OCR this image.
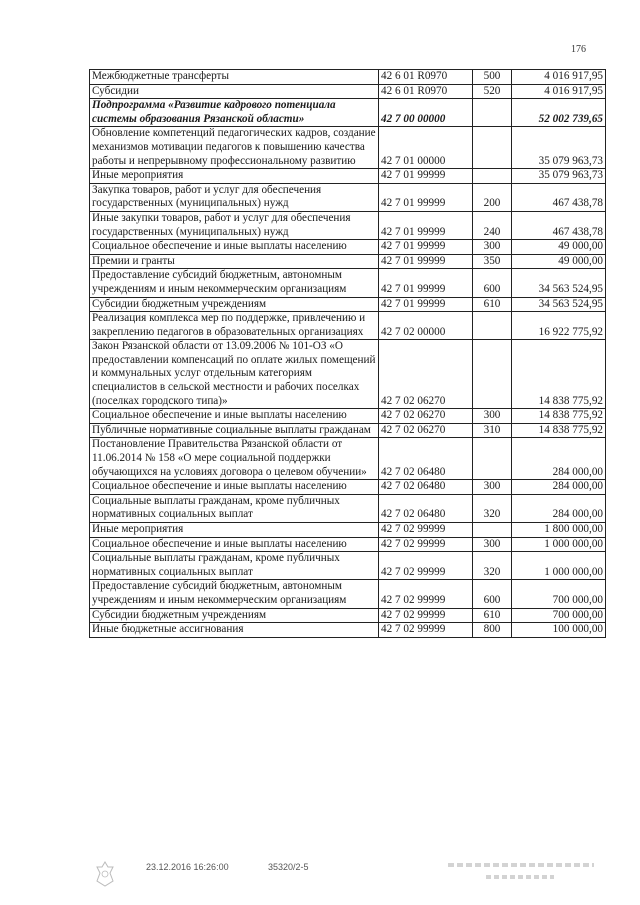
176
Межбюджетные трансферты	42 6 01 R0970	500	4 016 917,95
Субсидии	42 6 01 R0970	520	4 016 917,95
Подпрограмма «Развитие кадрового потенциала системы образования Рязанской области»	42 7 00 00000		52 002 739,65
Обновление компетенций педагогических кадров, создание механизмов мотивации педагогов к повышению качества работы и непрерывному профессиональному развитию	42 7 01 00000		35 079 963,73
Иные мероприятия	42 7 01 99999		35 079 963,73
Закупка товаров, работ и услуг для обеспечения государственных (муниципальных) нужд	42 7 01 99999	200	467 438,78
Иные закупки товаров, работ и услуг для обеспечения государственных (муниципальных) нужд	42 7 01 99999	240	467 438,78
Социальное обеспечение и иные выплаты населению	42 7 01 99999	300	49 000,00
Премии и гранты	42 7 01 99999	350	49 000,00
Предоставление субсидий бюджетным, автономным учреждениям и иным некоммерческим организациям	42 7 01 99999	600	34 563 524,95
Субсидии бюджетным учреждениям	42 7 01 99999	610	34 563 524,95
Реализация комплекса мер по поддержке, привлечению и закреплению педагогов в образовательных организациях	42 7 02 00000		16 922 775,92
Закон Рязанской области от 13.09.2006 № 101-ОЗ «О предоставлении компенсаций по оплате жилых помещений и коммунальных услуг отдельным категориям специалистов в сельской местности и рабочих поселках (поселках городского типа)»	42 7 02 06270		14 838 775,92
Социальное обеспечение и иные выплаты населению	42 7 02 06270	300	14 838 775,92
Публичные нормативные социальные выплаты гражданам	42 7 02 06270	310	14 838 775,92
Постановление Правительства Рязанской области от 11.06.2014 № 158 «О мере социальной поддержки обучающихся на условиях договора о целевом обучении»	42 7 02 06480		284 000,00
Социальное обеспечение и иные выплаты населению	42 7 02 06480	300	284 000,00
Социальные выплаты гражданам, кроме публичных нормативных социальных выплат	42 7 02 06480	320	284 000,00
Иные мероприятия	42 7 02 99999		1 800 000,00
Социальное обеспечение и иные выплаты населению	42 7 02 99999	300	1 000 000,00
Социальные выплаты гражданам, кроме публичных нормативных социальных выплат	42 7 02 99999	320	1 000 000,00
Предоставление субсидий бюджетным, автономным учреждениям и иным некоммерческим организациям	42 7 02 99999	600	700 000,00
Субсидии бюджетным учреждениям	42 7 02 99999	610	700 000,00
Иные бюджетные ассигнования	42 7 02 99999	800	100 000,00
23.12.2016 16:26:00	35320/2-5
